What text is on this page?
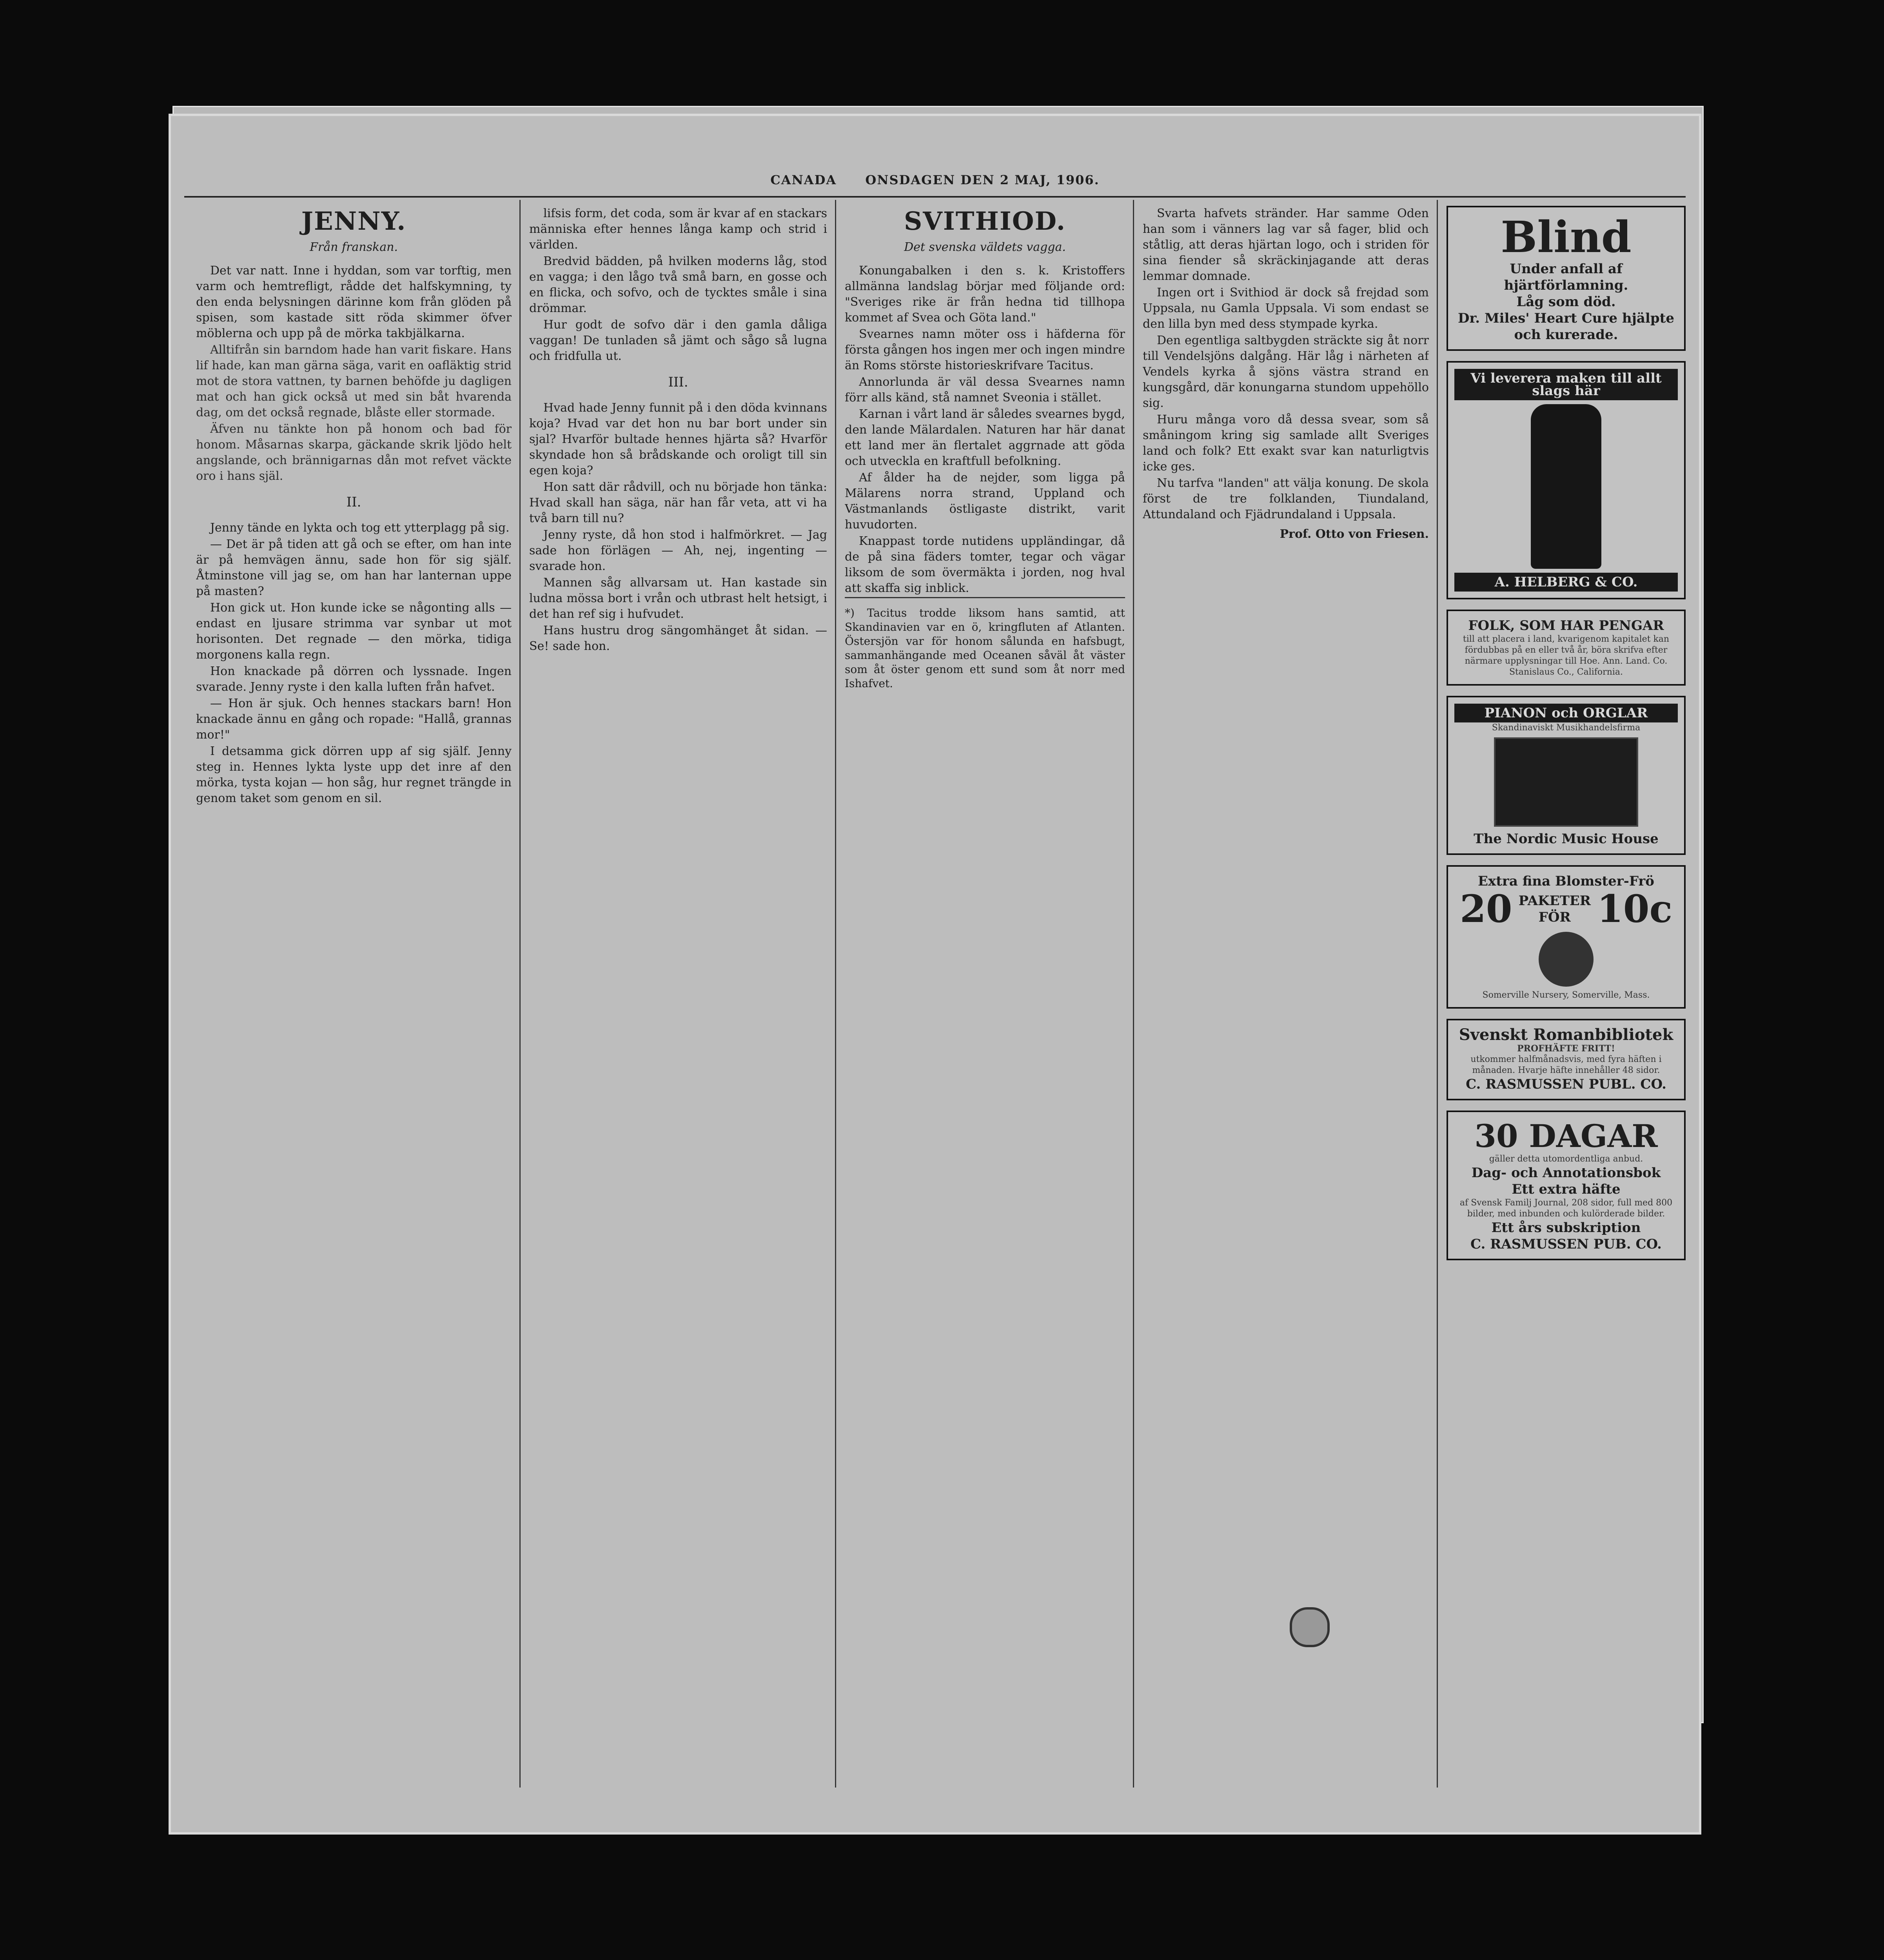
CANADA ONSDAGEN DEN 2 MAJ, 1906.
JENNY.
Från franskan.

Det var natt. Inne i hyddan, som var torftig, men varm och hemtrefligt, rådde det halfskymning, ty den enda belysningen därinne kom från glöden på spisen, som kastade sitt röda skimmer öfver möblerna och upp på de mörka takbjälkarna.

Alltifrån sin barndom hade han varit fiskare. Hans lif hade, kan man gärna säga, varit en oafläktig strid mot de stora vattnen, ty barnen behöfde ju dagligen mat och han gick också ut med sin båt hvarenda dag, om det också regnade, blåste eller stormade.

Äfven nu tänkte hon på honom och bad för honom. Måsarnas skarpa, gäckande skrik ljödo helt angslande, och brännigarnas dån mot refvet väckte oro i hans själ.

II.

Jenny tände en lykta och tog ett ytterplagg på sig.

— Det är på tiden att gå och se efter, om han inte är på hemvägen ännu, sade hon för sig själf. Åtminstone vill jag se, om han har lanternan uppe på masten?

Hon gick ut. Hon kunde icke se någonting alls — endast en ljusare strimma var synbar ut mot horisonten. Det regnade — den mörka, tidiga morgonens kalla regn.

Hon knackade på dörren och lyssnade. Ingen svarade. Jenny ryste i den kalla luften från hafvet.

— Hon är sjuk. Och hennes stackars barn! Hon knackade ännu en gång och ropade: "Hallå, grannas mor!"

I detsamma gick dörren upp af sig själf. Jenny steg in. Hennes lykta lyste upp det inre af den mörka, tysta kojan — hon såg, hur regnet trängde in genom taket som genom en sil.

lifsis form, det coda, som är kvar af en stackars människa efter hennes långa kamp och strid i världen.

Bredvid bädden, på hvilken moderns låg, stod en vagga; i den lågo två små barn, en gosse och en flicka, och sofvo, och de tycktes småle i sina drömmar.

Hur godt de sofvo där i den gamla dåliga vaggan! De tunladen så jämt och sågo så lugna och fridfulla ut.

III.

Hvad hade Jenny funnit på i den döda kvinnans koja? Hvad var det hon nu bar bort under sin sjal? Hvarför bultade hennes hjärta så? Hvarför skyndade hon så brådskande och oroligt till sin egen koja?

Hon satt där rådvill, och nu började hon tänka: Hvad skall han säga, när han får veta, att vi ha två barn till nu?

Jenny ryste, då hon stod i halfmörkret. — Jag sade hon förlägen — Ah, nej, ingenting — svarade hon.

Mannen såg allvarsam ut. Han kastade sin ludna mössa bort i vrån och utbrast helt hetsigt, i det han ref sig i hufvudet.

Hans hustru drog sängomhänget åt sidan. — Se! sade hon.

SVITHIOD.
Det svenska väldets vagga.

Konungabalken i den s. k. Kristoffers allmänna landslag börjar med följande ord: "Sveriges rike är från hedna tid tillhopa kommet af Svea och Göta land."

Svearnes namn möter oss i häfderna för första gången hos ingen mer och ingen mindre än Roms störste historieskrifvare Tacitus.

Annorlunda är väl dessa Svearnes namn förr alls känd, stå namnet Sveonia i stället.

Karnan i vårt land är således svearnes bygd, den lande Mälardalen. Naturen har här danat ett land mer än flertalet aggrnade att göda och utveckla en kraftfull befolkning.

Af ålder ha de nejder, som ligga på Mälarens norra strand, Uppland och Västmanlands östligaste distrikt, varit huvudorten.

Knappast torde nutidens uppländingar, då de på sina fäders tomter, tegar och vägar liksom de som övermäkta i jorden, nog hval att skaffa sig inblick.

*) Tacitus trodde liksom hans samtid, att Skandinavien var en ö, kringfluten af Atlanten. Östersjön var för honom sålunda en hafsbugt, sammanhängande med Oceanen såväl åt väster som åt öster genom ett sund som åt norr med Ishafvet.

Svarta hafvets stränder. Har samme Oden han som i vänners lag var så fager, blid och ståtlig, att deras hjärtan logo, och i striden för sina fiender så skräckinjagande att deras lemmar domnade.

Ingen ort i Svithiod är dock så frejdad som Uppsala, nu Gamla Uppsala. Vi som endast se den lilla byn med dess stympade kyrka.

Den egentliga saltbygden sträckte sig åt norr till Vendelsjöns dalgång. Här låg i närheten af Vendels kyrka å sjöns västra strand en kungsgård, där konungarna stundom uppehöllo sig.

Huru många voro då dessa svear, som så småningom kring sig samlade allt Sveriges land och folk? Ett exakt svar kan naturligtvis icke ges.

Nu tarfva "landen" att välja konung. De skola först de tre folklanden, Tiundaland, Attundaland och Fjädrundaland i Uppsala.

Prof. Otto von Friesen.
Blind
Under anfall af hjärtförlamning.
Låg som död.
Dr. Miles' Heart Cure hjälpte och kurerade.
Vi leverera maken till allt slags här
A. HELBERG & CO.
FOLK, SOM HAR PENGAR
till att placera i land, kvarigenom kapitalet kan fördubbas på en eller två år, böra skrifva efter närmare upplysningar till Hoe. Ann. Land. Co. Stanislaus Co., California.
PIANON och ORGLAR
Skandinaviskt Musikhandelsfirma
The Nordic Music House
Extra fina Blomster-Frö
20 PAKETER
FÖR 10c
Somerville Nursery, Somerville, Mass.
Svenskt Romanbibliotek
PROFHÄFTE FRITT!
utkommer halfmånadsvis, med fyra häften i månaden. Hvarje häfte innehåller 48 sidor.
C. RASMUSSEN PUBL. CO.
30 DAGAR
gäller detta utomordentliga anbud.
Dag- och Annotationsbok
Ett extra häfte
af Svensk Familj Journal, 208 sidor, full med 800 bilder, med inbunden och kulörderade bilder.
Ett års subskription
C. RASMUSSEN PUB. CO.
